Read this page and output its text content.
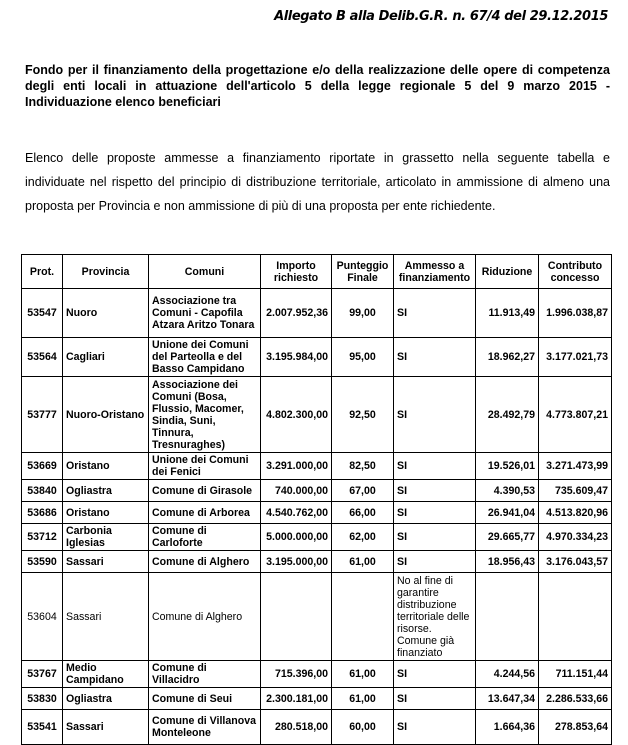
Allegato B alla Delib.G.R. n. 67/4 del 29.12.2015
Fondo per il finanziamento della progettazione e/o della realizzazione delle opere di competenza degli enti locali in attuazione dell'articolo 5 della legge regionale 5 del 9 marzo 2015 - Individuazione elenco beneficiari
Elenco delle proposte ammesse a finanziamento riportate in grassetto nella seguente tabella e individuate nel rispetto del principio di distribuzione territoriale, articolato in ammissione di almeno una proposta per Provincia e non ammissione di più di una proposta per ente richiedente.
Prot.	Provincia	Comuni	Importo richiesto	Punteggio Finale	Ammesso a finanziamento	Riduzione	Contributo concesso
53547	Nuoro	Associazione tra Comuni - Capofila Atzara Aritzo Tonara	2.007.952,36	99,00	SI	11.913,49	1.996.038,87
53564	Cagliari	Unione dei Comuni del Parteolla e del Basso Campidano	3.195.984,00	95,00	SI	18.962,27	3.177.021,73
53777	Nuoro-Oristano	Associazione dei Comuni (Bosa, Flussio, Macomer, Sindia, Suni, Tinnura, Tresnuraghes)	4.802.300,00	92,50	SI	28.492,79	4.773.807,21
53669	Oristano	Unione dei Comuni dei Fenici	3.291.000,00	82,50	SI	19.526,01	3.271.473,99
53840	Ogliastra	Comune di Girasole	740.000,00	67,00	SI	4.390,53	735.609,47
53686	Oristano	Comune di Arborea	4.540.762,00	66,00	SI	26.941,04	4.513.820,96
53712	Carbonia Iglesias	Comune di Carloforte	5.000.000,00	62,00	SI	29.665,77	4.970.334,23
53590	Sassari	Comune di Alghero	3.195.000,00	61,00	SI	18.956,43	3.176.043,57
53604	Sassari	Comune di Alghero			No al fine di garantire distribuzione territoriale delle risorse. Comune già finanziato		
53767	Medio Campidano	Comune di Villacidro	715.396,00	61,00	SI	4.244,56	711.151,44
53830	Ogliastra	Comune di Seui	2.300.181,00	61,00	SI	13.647,34	2.286.533,66
53541	Sassari	Comune di Villanova Monteleone	280.518,00	60,00	SI	1.664,36	278.853,64
